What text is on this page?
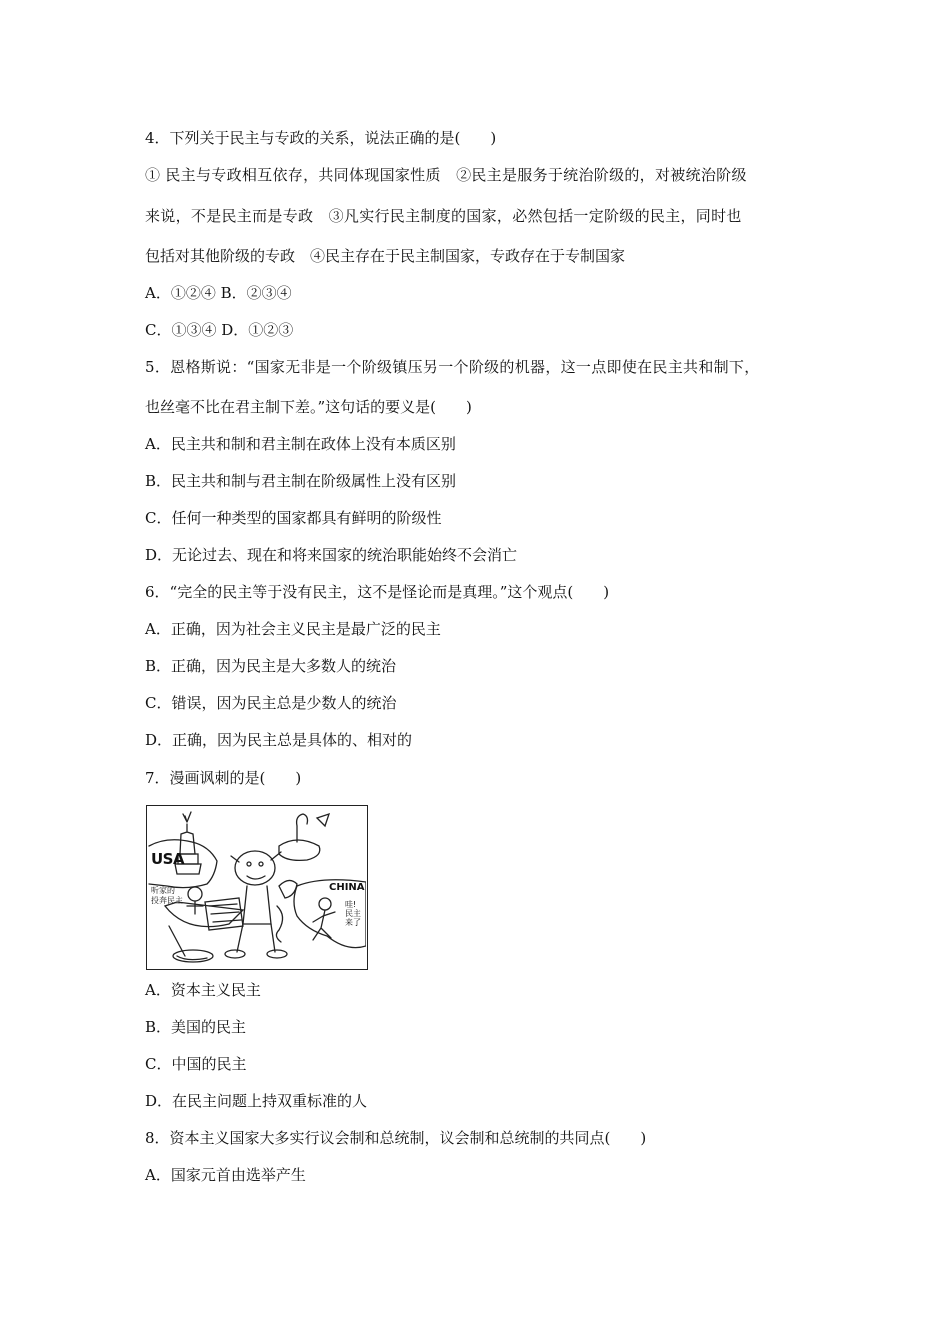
4．下列关于民主与专政的关系，说法正确的是(　　)
① 民主与专政相互依存，共同体现国家性质　②民主是服务于统治阶级的，对被统治阶级
来说，不是民主而是专政　③凡实行民主制度的国家，必然包括一定阶级的民主，同时也
包括对其他阶级的专政　④民主存在于民主制国家，专政存在于专制国家
A．①②④ B．②③④
C．①③④ D．①②③
5．恩格斯说：“国家无非是一个阶级镇压另一个阶级的机器，这一点即使在民主共和制下，
也丝毫不比在君主制下差。”这句话的要义是(　　)
A．民主共和制和君主制在政体上没有本质区别
B．民主共和制与君主制在阶级属性上没有区别
C．任何一种类型的国家都具有鲜明的阶级性
D．无论过去、现在和将来国家的统治职能始终不会消亡
6．“完全的民主等于没有民主，这不是怪论而是真理。”这个观点(　　)
A．正确，因为社会主义民主是最广泛的民主
B．正确，因为民主是大多数人的统治
C．错误，因为民主总是少数人的统治
D．正确，因为民主总是具体的、相对的
7．漫画讽刺的是(　　)
USA
CHINA
听家的
投奔民主	哇!
民主
来了
A．资本主义民主
B．美国的民主
C．中国的民主
D．在民主问题上持双重标准的人
8．资本主义国家大多实行议会制和总统制，议会制和总统制的共同点(　　)
A．国家元首由选举产生
